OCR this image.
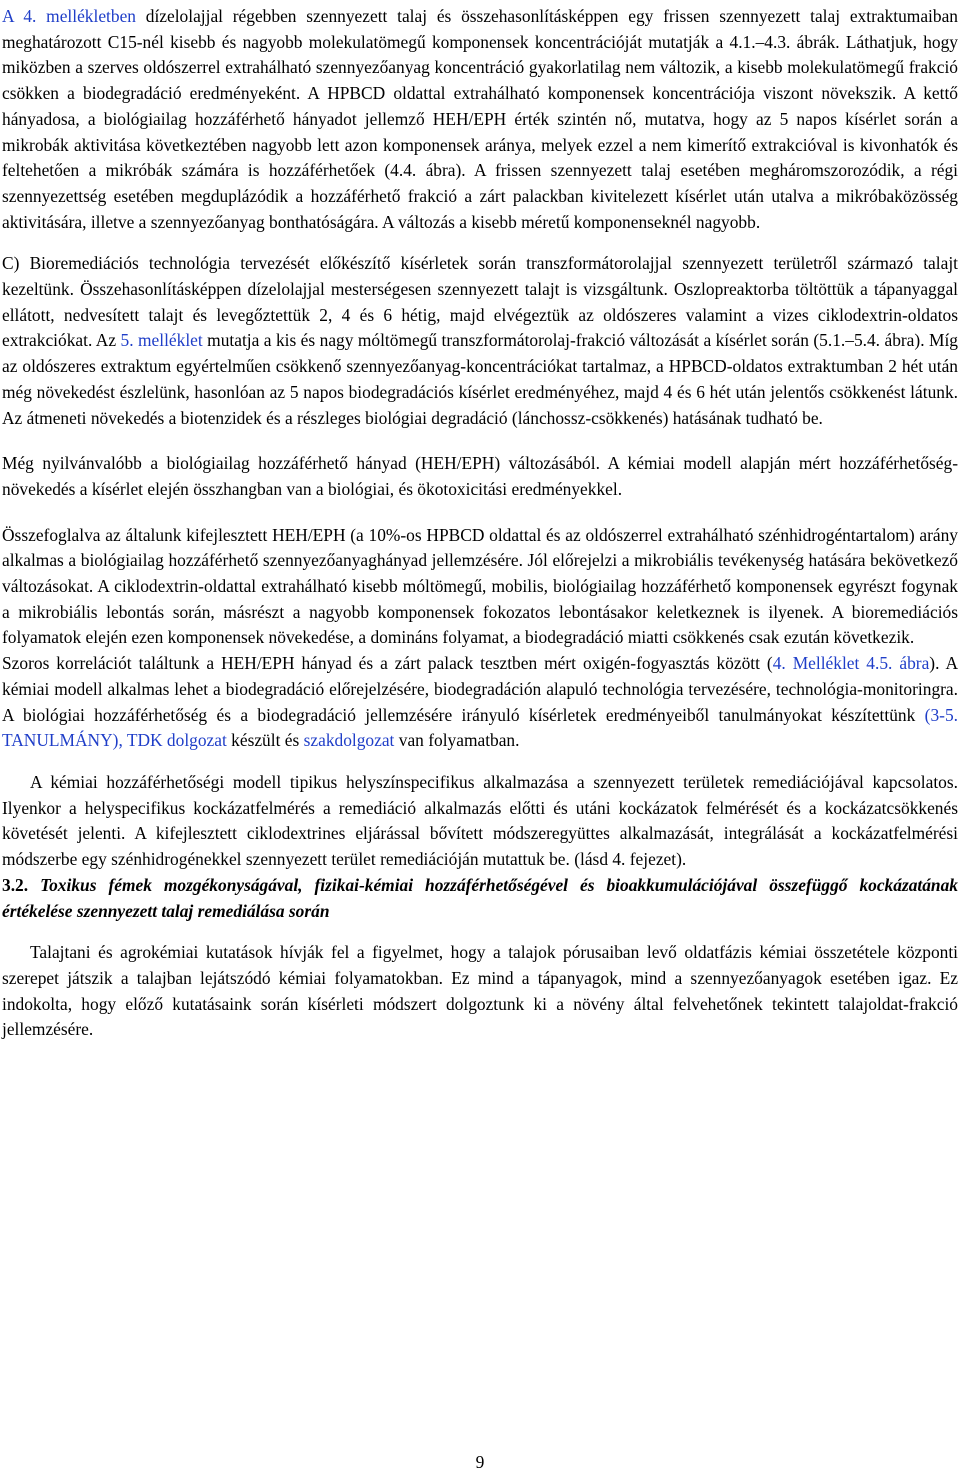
A 4. mellékletben dízelolajjal régebben szennyezett talaj és összehasonlításképpen egy frissen szennyezett talaj extraktumaiban meghatározott C15-nél kisebb és nagyobb molekulatömegű komponensek koncentrációját mutatják a 4.1.–4.3. ábrák. Láthatjuk, hogy miközben a szerves oldószerrel extrahálható szennyezőanyag koncentráció gyakorlatilag nem változik, a kisebb molekulatömegű frakció csökken a biodegradáció eredményeként. A HPBCD oldattal extrahálható komponensek koncentrációja viszont növekszik. A kettő hányadosa, a biológiailag hozzáférhető hányadot jellemző HEH/EPH érték szintén nő, mutatva, hogy az 5 napos kísérlet során a mikrobák aktivitása következtében nagyobb lett azon komponensek aránya, melyek ezzel a nem kimerítő extrakcióval is kivonhatók és feltehetően a mikróbák számára is hozzáférhetőek (4.4. ábra). A frissen szennyezett talaj esetében megháromszorozódik, a régi szennyezettség esetében megduplázódik a hozzáférhető frakció a zárt palackban kivitelezett kísérlet után utalva a mikróbaközösség aktivitására, illetve a szennyezőanyag bonthatóságára. A változás a kisebb méretű komponenseknél nagyobb.

C) Bioremediációs technológia tervezését előkészítő kísérletek során transzformátorolajjal szennyezett területről származó talajt kezeltünk. Összehasonlításképpen dízelolajjal mesterségesen szennyezett talajt is vizsgáltunk. Oszlopreaktorba töltöttük a tápanyaggal ellátott, nedvesített talajt és levegőztettük 2, 4 és 6 hétig, majd elvégeztük az oldószeres valamint a vizes ciklodextrin-oldatos extrakciókat. Az 5. melléklet mutatja a kis és nagy móltömegű transzformátorolaj-frakció változását a kísérlet során (5.1.–5.4. ábra). Míg az oldószeres extraktum egyértelműen csökkenő szennyezőanyag-koncentrációkat tartalmaz, a HPBCD-oldatos extraktumban 2 hét után még növekedést észlelünk, hasonlóan az 5 napos biodegradációs kísérlet eredményéhez, majd 4 és 6 hét után jelentős csökkenést látunk. Az átmeneti növekedés a biotenzidek és a részleges biológiai degradáció (lánchossz-csökkenés) hatásának tudható be.

Még nyilvánvalóbb a biológiailag hozzáférhető hányad (HEH/EPH) változásából. A kémiai modell alapján mért hozzáférhetőség-növekedés a kísérlet elején összhangban van a biológiai, és ökotoxicitási eredményekkel.

Összefoglalva az általunk kifejlesztett HEH/EPH (a 10%-os HPBCD oldattal és az oldószerrel extrahálható szénhidrogéntartalom) arány alkalmas a biológiailag hozzáférhető szennyezőanyaghányad jellemzésére. Jól előrejelzi a mikrobiális tevékenység hatására bekövetkező változásokat. A ciklodextrin-oldattal extrahálható kisebb móltömegű, mobilis, biológiailag hozzáférhető komponensek egyrészt fogynak a mikrobiális lebontás során, másrészt a nagyobb komponensek fokozatos lebontásakor keletkeznek is ilyenek. A bioremediációs folyamatok elején ezen komponensek növekedése, a domináns folyamat, a biodegradáció miatti csökkenés csak ezután következik.

Szoros korrelációt találtunk a HEH/EPH hányad és a zárt palack tesztben mért oxigén-fogyasztás között (4. Melléklet 4.5. ábra). A kémiai modell alkalmas lehet a biodegradáció előrejelzésére, biodegradáción alapuló technológia tervezésére, technológia-monitoringra. A biológiai hozzáférhetőség és a biodegradáció jellemzésére irányuló kísérletek eredményeiből tanulmányokat készítettünk (3-5. TANULMÁNY), TDK dolgozat készült és szakdolgozat van folyamatban.

A kémiai hozzáférhetőségi modell tipikus helyszínspecifikus alkalmazása a szennyezett területek remediációjával kapcsolatos. Ilyenkor a helyspecifikus kockázatfelmérés a remediáció alkalmazás előtti és utáni kockázatok felmérését és a kockázatcsökkenés követését jelenti. A kifejlesztett ciklodextrines eljárással bővített módszeregyüttes alkalmazását, integrálását a kockázatfelmérési módszerbe egy szénhidrogénekkel szennyezett terület remediációján mutattuk be. (lásd 4. fejezet).

3.2. Toxikus fémek mozgékonyságával, fizikai-kémiai hozzáférhetőségével és bioakkumulációjával összefüggő kockázatának értékelése szennyezett talaj remediálása során

Talajtani és agrokémiai kutatások hívják fel a figyelmet, hogy a talajok pórusaiban levő oldatfázis kémiai összetétele központi szerepet játszik a talajban lejátszódó kémiai folyamatokban. Ez mind a tápanyagok, mind a szennyezőanyagok esetében igaz. Ez indokolta, hogy előző kutatásaink során kísérleti módszert dolgoztunk ki a növény által felvehetőnek tekintett talajoldat-frakció jellemzésére.

9
